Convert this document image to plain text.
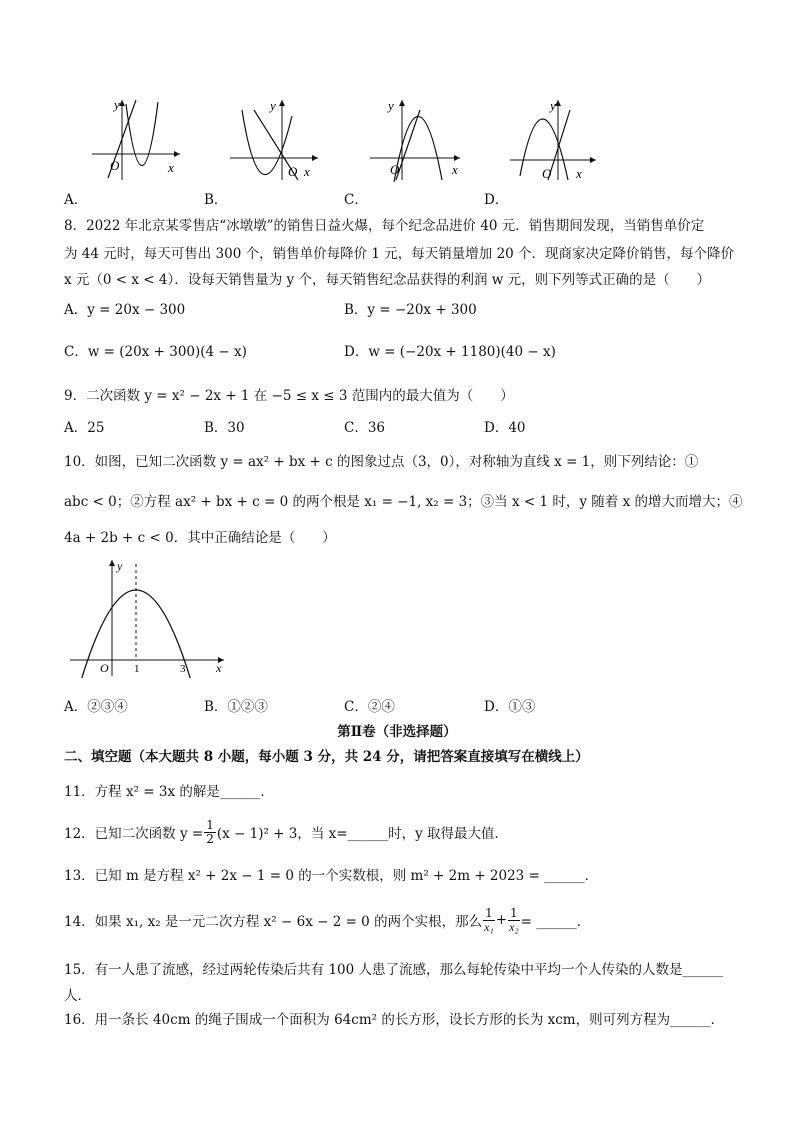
y
O	x
y
O x
y
O	x
y
O x
A．	B．	C．	D．
8．2022 年北京某零售店“冰墩墩”的销售日益火爆，每个纪念品进价 40 元．销售期间发现，当销售单价定
为 44 元时，每天可售出 300 个，销售单价每降价 1 元，每天销量增加 20 个．现商家决定降价销售，每个降价
x 元（0 < x < 4）．设每天销售量为 y 个，每天销售纪念品获得的利润 w 元，则下列等式正确的是（　　）
A．y = 20x − 300	B．y = −20x + 300
C．w = (20x + 300)(4 − x)	D．w = (−20x + 1180)(40 − x)
9．二次函数 y = x² − 2x + 1 在 −5 ≤ x ≤ 3 范围内的最大值为（　　）
A．25	B．30	C．36	D．40
10．如图，已知二次函数 y = ax² + bx + c 的图象过点（3，0），对称轴为直线 x = 1，则下列结论：①
abc < 0；②方程 ax² + bx + c = 0 的两个根是 x₁ = −1, x₂ = 3；③当 x < 1 时，y 随着 x 的增大而增大；④
4a + 2b + c < 0．其中正确结论是（　　）
y
O 1	3	x
A．②③④	B．①②③	C．②④	D．①③
第Ⅱ卷（非选择题）
二、填空题（本大题共 8 小题，每小题 3 分，共 24 分，请把答案直接填写在横线上）
11．方程 x² = 3x 的解是______．
12．已知二次函数 $y = \frac{1}{2} (x - 1)^2 + 3$，当 x=______时，y 取得最大值．
13．已知 m 是方程 x² + 2x − 1 = 0 的一个实数根，则 m² + 2m + 2023 = ______．
14．如果 x₁, x₂ 是一元二次方程 x² − 6x − 2 = 0 的两个实根，那么 $\frac{1}{\text{x₁}} + \frac{1}{\text{x₂}}$ = ______．
15．有一人患了流感，经过两轮传染后共有 100 人患了流感，那么每轮传染中平均一个人传染的人数是______
人．
16．用一条长 40cm 的绳子围成一个面积为 64cm² 的长方形，设长方形的长为 xcm，则可列方程为______．
